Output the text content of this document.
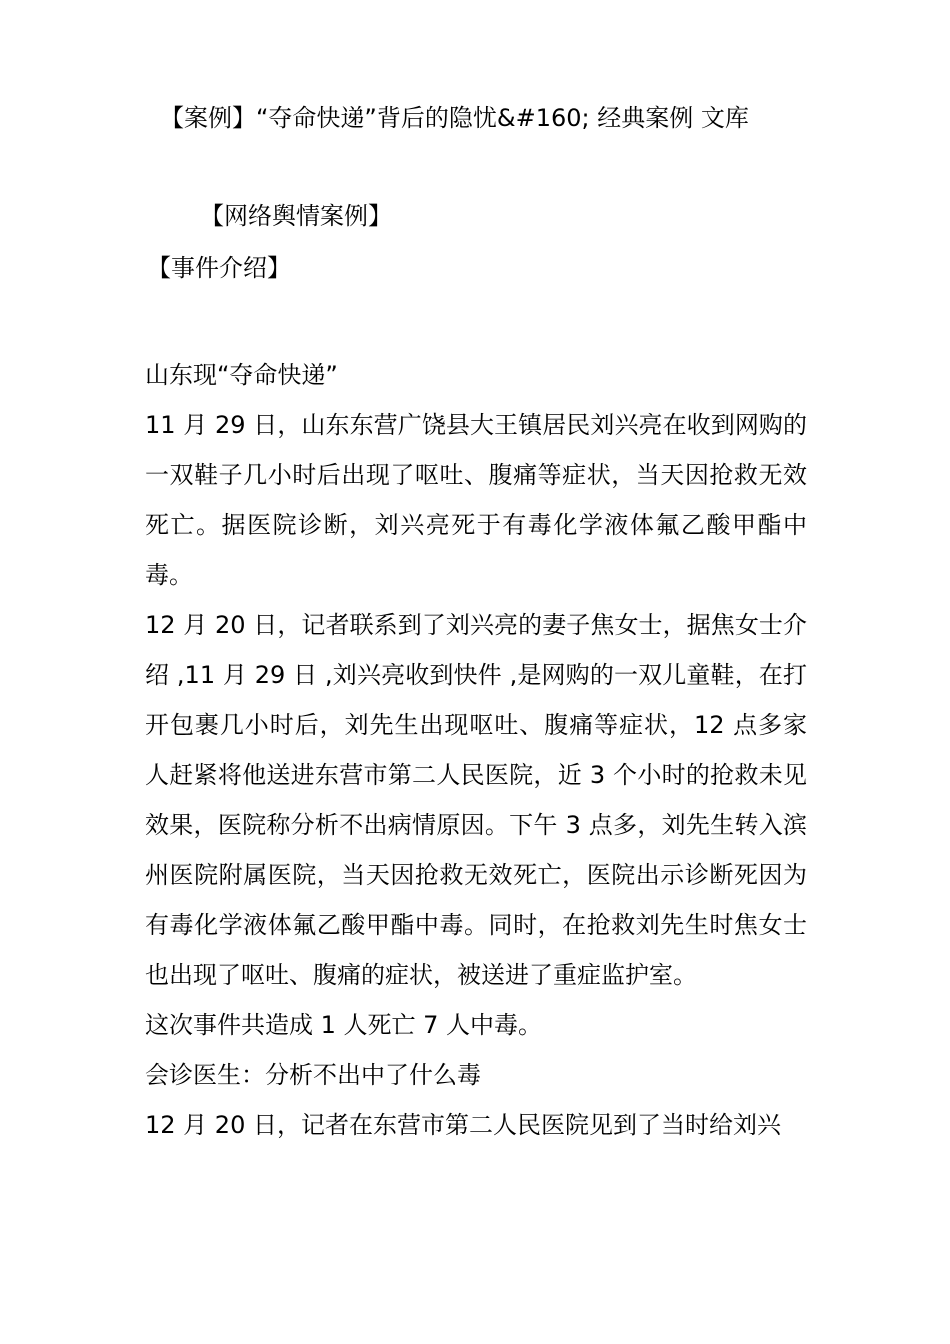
【案例】“夺命快递”背后的隐忧&#160; 经典案例 文库
【网络舆情案例】
【事件介绍】

山东现“夺命快递”

11 月 29 日，山东东营广饶县大王镇居民刘兴亮在收到网购的一双鞋子几小时后出现了呕吐、腹痛等症状，当天因抢救无效死亡。据医院诊断，刘兴亮死于有毒化学液体氟乙酸甲酯中毒。

12 月 20 日，记者联系到了刘兴亮的妻子焦女士，据焦女士介绍 ,11 月 29 日 ,刘兴亮收到快件 ,是网购的一双儿童鞋，在打开包裹几小时后，刘先生出现呕吐、腹痛等症状，12 点多家人赶紧将他送进东营市第二人民医院，近 3 个小时的抢救未见效果，医院称分析不出病情原因。下午 3 点多，刘先生转入滨州医院附属医院，当天因抢救无效死亡，医院出示诊断死因为有毒化学液体氟乙酸甲酯中毒。同时，在抢救刘先生时焦女士也出现了呕吐、腹痛的症状，被送进了重症监护室。

这次事件共造成 1 人死亡 7 人中毒。

会诊医生：分析不出中了什么毒

12 月 20 日，记者在东营市第二人民医院见到了当时给刘兴
